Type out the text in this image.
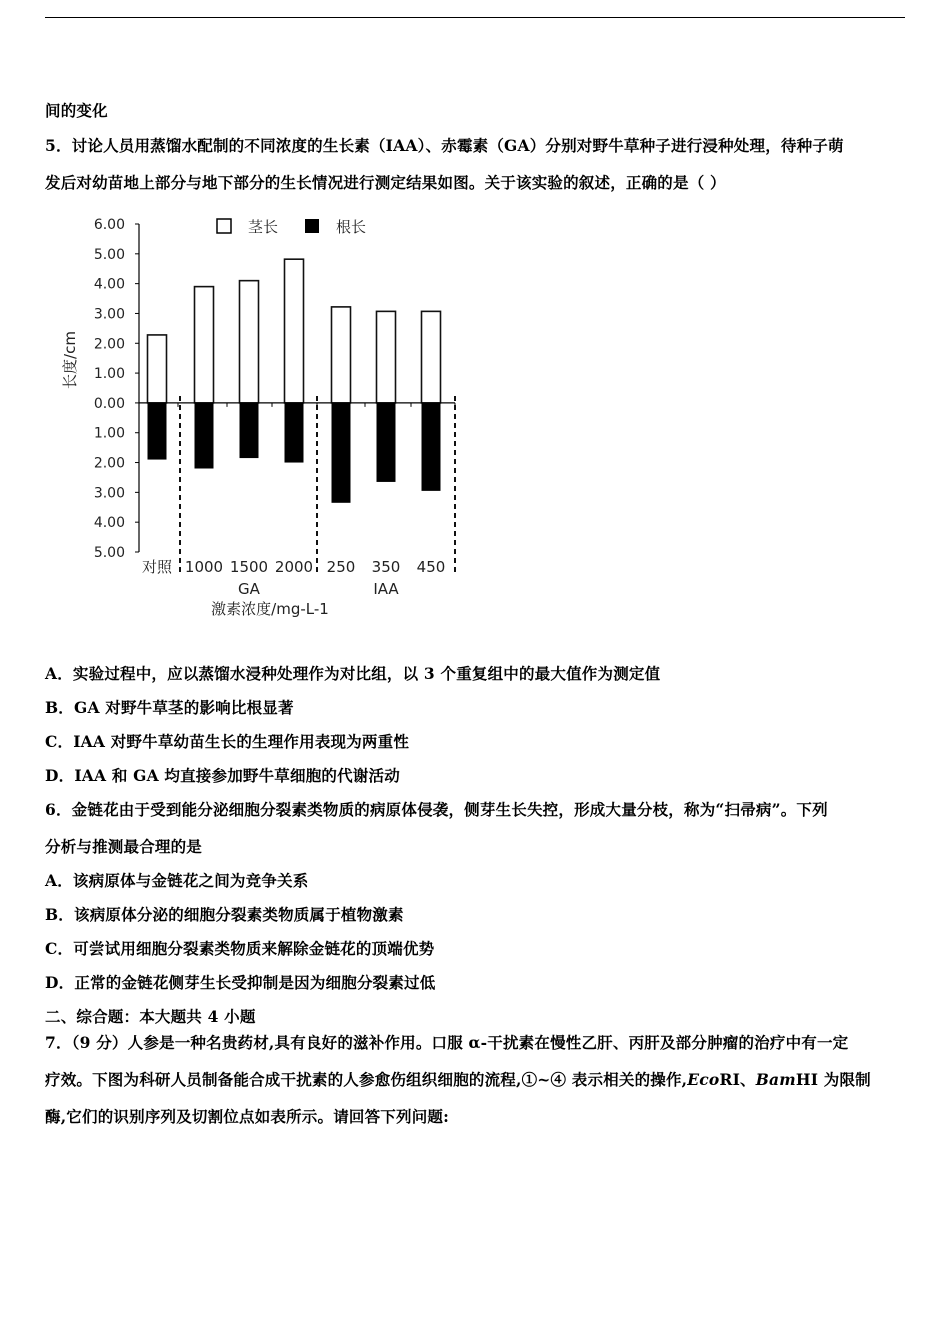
间的变化
5．讨论人员用蒸馏水配制的不同浓度的生长素（IAA）、赤霉素（GA）分别对野牛草种子进行浸种处理，待种子萌
发后对幼苗地上部分与地下部分的生长情况进行测定结果如图。关于该实验的叙述，正确的是（ ）
6.00
5.00
4.00
3.00
2.00
1.00
0.00
1.00
2.00
3.00
4.00
5.00
对照 1000 1500 2000 250 350 450
GA	IAA
茎长	根长
长度/cm
激素浓度/mg-L-1
A．实验过程中，应以蒸馏水浸种处理作为对比组，以 3 个重复组中的最大值作为测定值
B．GA 对野牛草茎的影响比根显著
C．IAA 对野牛草幼苗生长的生理作用表现为两重性
D．IAA 和 GA 均直接参加野牛草细胞的代谢活动
6．金链花由于受到能分泌细胞分裂素类物质的病原体侵袭，侧芽生长失控，形成大量分枝，称为“扫帚病”。下列
分析与推测最合理的是
A．该病原体与金链花之间为竞争关系
B．该病原体分泌的细胞分裂素类物质属于植物激素
C．可尝试用细胞分裂素类物质来解除金链花的顶端优势
D．正常的金链花侧芽生长受抑制是因为细胞分裂素过低
二、综合题：本大题共 4 小题
7．（9 分）人参是一种名贵药材,具有良好的滋补作用。口服 α-干扰素在慢性乙肝、丙肝及部分肿瘤的治疗中有一定
疗效。下图为科研人员制备能合成干扰素的人参愈伤组织细胞的流程,①~④ 表示相关的操作,EcoRI、BamHI 为限制
酶,它们的识别序列及切割位点如表所示。请回答下列问题:
